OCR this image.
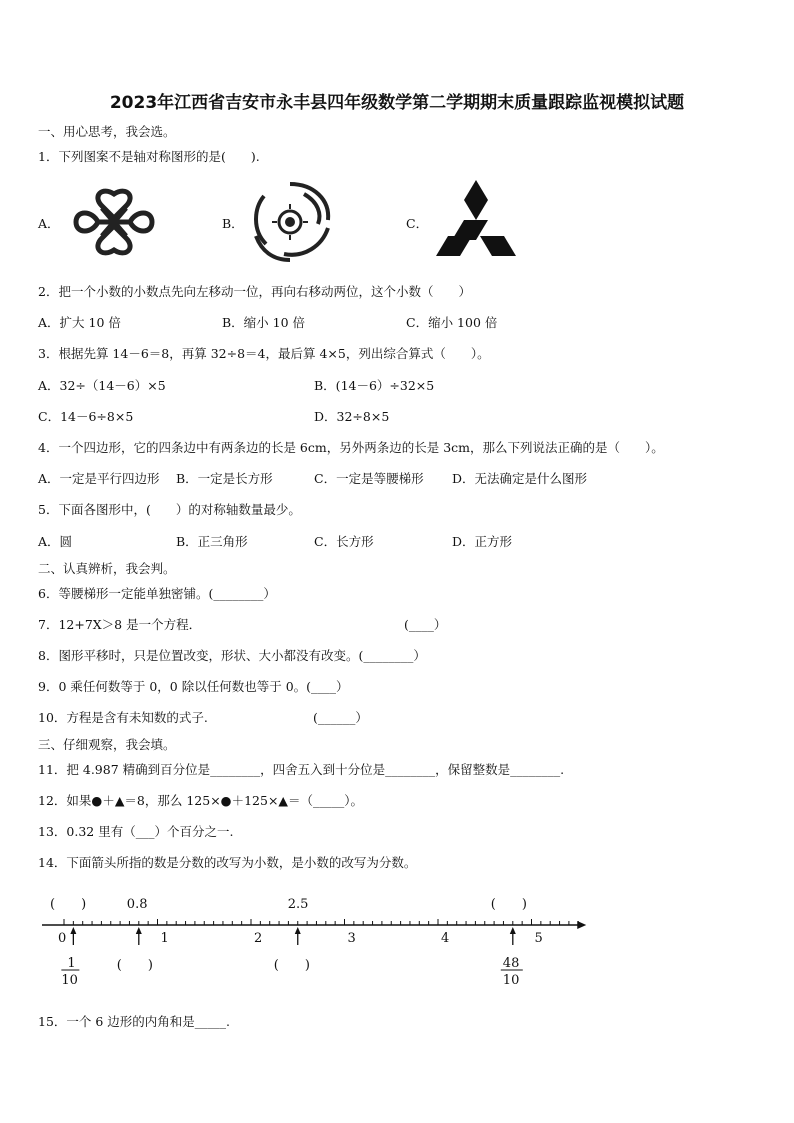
2023年江西省吉安市永丰县四年级数学第二学期期末质量跟踪监视模拟试题
一、用心思考，我会选。
1．下列图案不是轴对称图形的是(　　).
A．	B．	C．
2．把一个小数的小数点先向左移动一位，再向右移动两位，这个小数（　　）
A．扩大 10 倍	B．缩小 10 倍	C．缩小 100 倍
3．根据先算 14－6＝8，再算 32÷8＝4，最后算 4×5，列出综合算式（　　）。
A．32÷（14－6）×5	B．(14－6）÷32×5
C．14－6÷8×5	D．32÷8×5
4．一个四边形，它的四条边中有两条边的长是 6cm，另外两条边的长是 3cm，那么下列说法正确的是（　　）。
A．一定是平行四边形 B．一定是长方形	C．一定是等腰梯形 D．无法确定是什么图形
5．下面各图形中，(　　）的对称轴数量最少。
A．圆	B．正三角形	C．长方形	D．正方形
二、认真辨析，我会判。
6．等腰梯形一定能单独密铺。(________）
7．12+7X＞8 是一个方程．	(____）
8．图形平移时，只是位置改变，形状、大小都没有改变。(________）
9．0 乘任何数等于 0，0 除以任何数也等于 0。(____）
10．方程是含有未知数的式子.	(______）
三、仔细观察，我会填。
11．把 4.987 精确到百分位是________，四舍五入到十分位是________，保留整数是________.
12．如果●＋▲＝8，那么 125×●＋125×▲＝（_____）。
13．0.32 里有（___）个百分之一.
14．下面箭头所指的数是分数的改写为小数，是小数的改写为分数。
0	1	2	3	4	5
(　　)	0.8	2.5	(　　)
1
10
(　　)	(　　)	48
10
15．一个 6 边形的内角和是_____.
